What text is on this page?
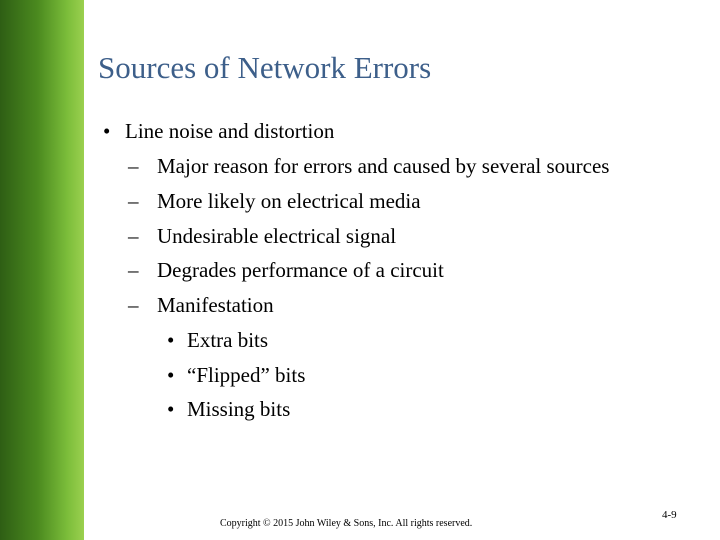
Sources of Network Errors
• Line noise and distortion
– Major reason for errors and caused by several sources
– More likely on electrical media
– Undesirable electrical signal
– Degrades performance of a circuit
– Manifestation
• Extra bits
• “Flipped” bits
• Missing bits
Copyright © 2015 John Wiley & Sons, Inc. All rights reserved.
4-9
